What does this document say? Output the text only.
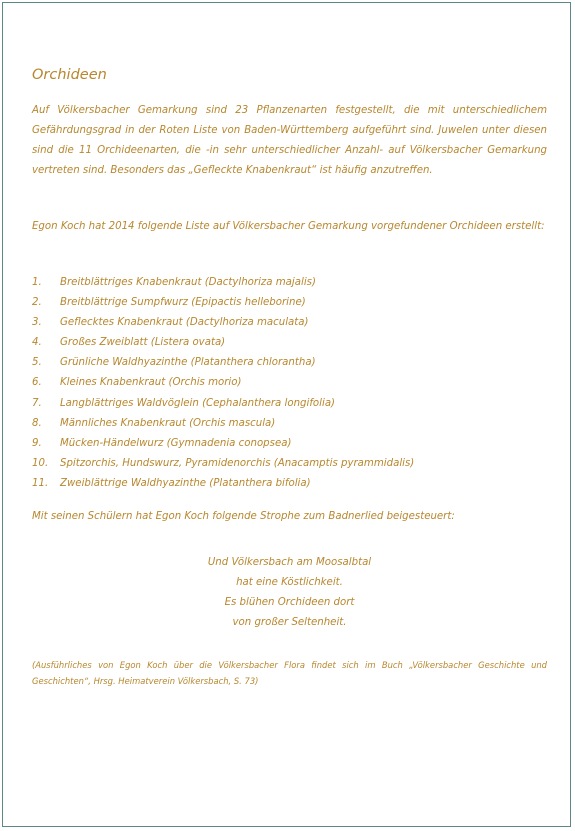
Orchideen

Auf Völkersbacher Gemarkung sind 23 Pflanzenarten festgestellt, die mit unterschiedlichem Gefährdungsgrad in der Roten Liste von Baden-Württemberg aufgeführt sind. Juwelen unter diesen sind die 11 Orchideenarten, die -in sehr unterschiedlicher Anzahl- auf Völkersbacher Gemarkung vertreten sind. Besonders das „Gefleckte Knabenkraut“ ist häufig anzutreffen.

Egon Koch hat 2014 folgende Liste auf Völkersbacher Gemarkung vorgefundener Orchideen erstellt:

1.	Breitblättriges Knabenkraut (Dactylhoriza majalis)
2.	Breitblättrige Sumpfwurz (Epipactis helleborine)
3.	Geflecktes Knabenkraut (Dactylhoriza maculata)
4.	Großes Zweiblatt (Listera ovata)
5.	Grünliche Waldhyazinthe (Platanthera chlorantha)
6.	Kleines Knabenkraut (Orchis morio)
7.	Langblättriges Waldvöglein (Cephalanthera longifolia)
8.	Männliches Knabenkraut (Orchis mascula)
9.	Mücken-Händelwurz (Gymnadenia conopsea)
10.	Spitzorchis, Hundswurz, Pyramidenorchis (Anacamptis pyrammidalis)
11.	Zweiblättrige Waldhyazinthe (Platanthera bifolia)

Mit seinen Schülern hat Egon Koch folgende Strophe zum Badnerlied beigesteuert:

Und Völkersbach am Moosalbtal
hat eine Köstlichkeit.
Es blühen Orchideen dort
von großer Seltenheit.

(Ausführliches von Egon Koch über die Völkersbacher Flora findet sich im Buch „Völkersbacher Geschichte und Geschichten“, Hrsg. Heimatverein Völkersbach, S. 73)
